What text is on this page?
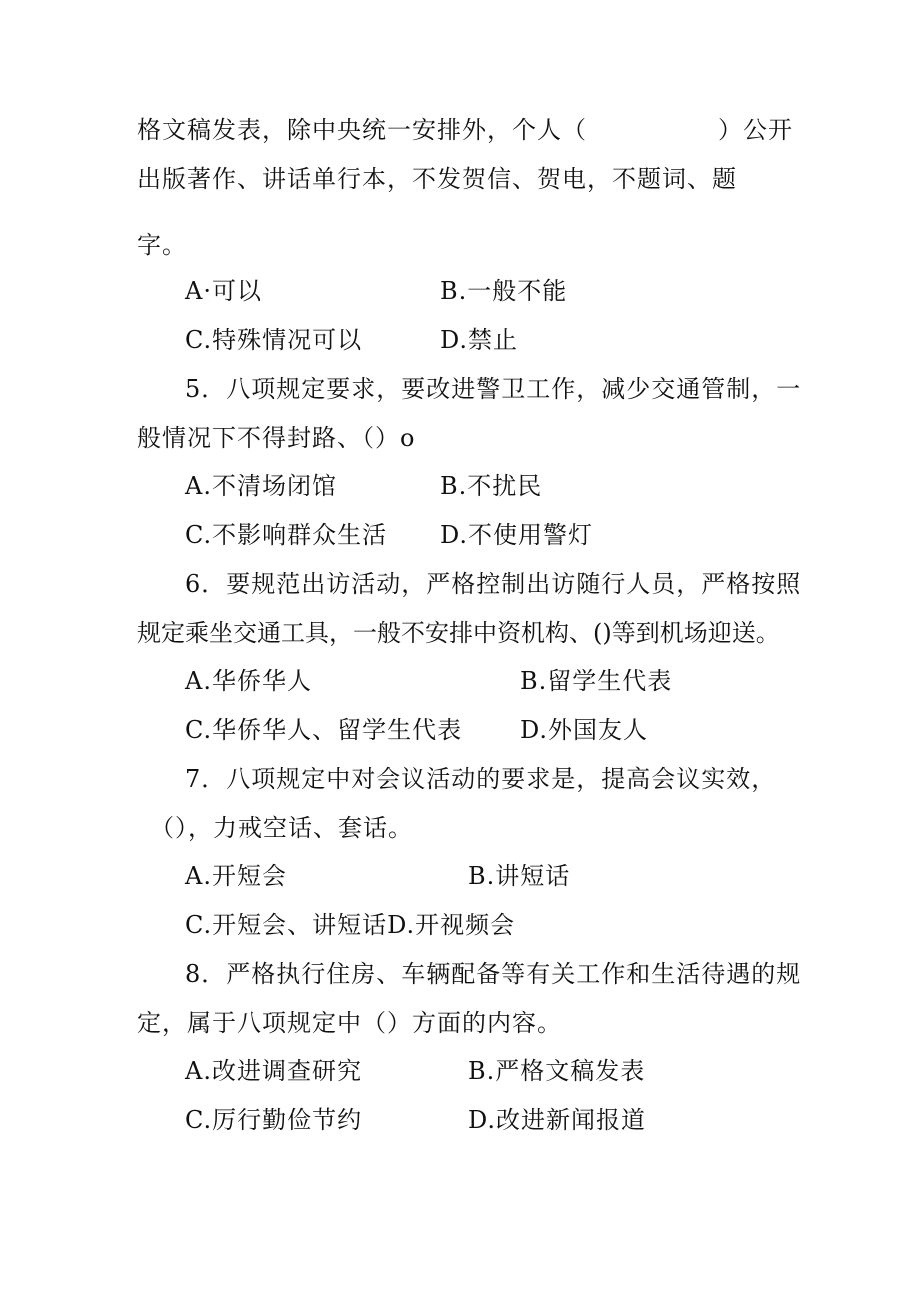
格文稿发表，除中央统一安排外，个人（	）公开
出版著作、讲话单行本，不发贺信、贺电，不题词、题
字。
A·可以	B.一般不能
C.特殊情况可以	D.禁止
5．八项规定要求，要改进警卫工作，减少交通管制，一
般情况下不得封路、（）o
A.不清场闭馆	B.不扰民
C.不影响群众生活 D.不使用警灯
6．要规范出访活动，严格控制出访随行人员，严格按照
规定乘坐交通工具，一般不安排中资机构、()等到机场迎送。
A.华侨华人	B.留学生代表
C.华侨华人、留学生代表 D.外国友人
7．八项规定中对会议活动的要求是，提高会议实效，
（），力戒空话、套话。
A.开短会	B.讲短话
C.开短会、讲短话D.开视频会
8．严格执行住房、车辆配备等有关工作和生活待遇的规
定，属于八项规定中（）方面的内容。
A.改进调查研究	B.严格文稿发表
C.厉行勤俭节约	D.改进新闻报道
